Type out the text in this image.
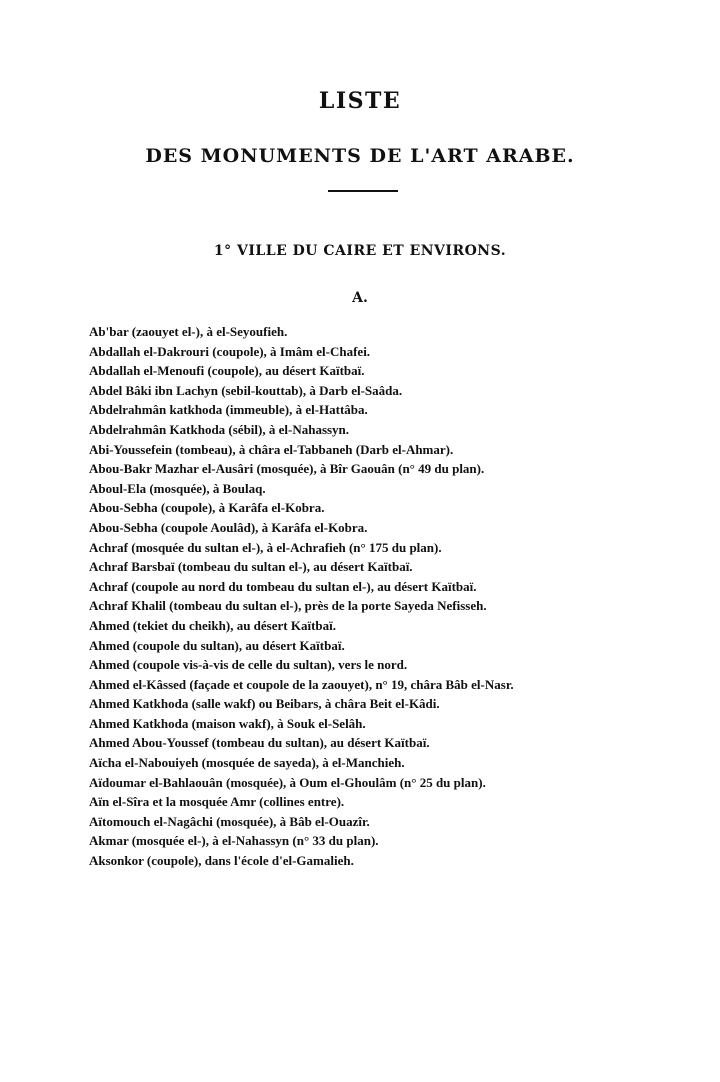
LISTE
DES MONUMENTS DE L'ART ARABE.
1° VILLE DU CAIRE ET ENVIRONS.
A.
Ab'bar (zaouyet el-), à el-Seyoufieh.
Abdallah el-Dakrouri (coupole), à Imâm el-Chafei.
Abdallah el-Menoufi (coupole), au désert Kaïtbaï.
Abdel Bâki ibn Lachyn (sebil-kouttab), à Darb el-Saâda.
Abdelrahmân katkhoda (immeuble), à el-Hattâba.
Abdelrahmân Katkhoda (sébil), à el-Nahassyn.
Abi-Youssefein (tombeau), à châra el-Tabbaneh (Darb el-Ahmar).
Abou-Bakr Mazhar el-Ausâri (mosquée), à Bîr Gaouân (n° 49 du plan).
Aboul-Ela (mosquée), à Boulaq.
Abou-Sebha (coupole), à Karâfa el-Kobra.
Abou-Sebha (coupole Aoulâd), à Karâfa el-Kobra.
Achraf (mosquée du sultan el-), à el-Achrafieh (n° 175 du plan).
Achraf Barsbaï (tombeau du sultan el-), au désert Kaïtbaï.
Achraf (coupole au nord du tombeau du sultan el-), au désert Kaïtbaï.
Achraf Khalil (tombeau du sultan el-), près de la porte Sayeda Nefisseh.
Ahmed (tekiet du cheikh), au désert Kaïtbaï.
Ahmed (coupole du sultan), au désert Kaïtbaï.
Ahmed (coupole vis-à-vis de celle du sultan), vers le nord.
Ahmed el-Kâssed (façade et coupole de la zaouyet), n° 19, châra Bâb el-Nasr.
Ahmed Katkhoda (salle wakf) ou Beibars, à châra Beit el-Kâdi.
Ahmed Katkhoda (maison wakf), à Souk el-Selâh.
Ahmed Abou-Youssef (tombeau du sultan), au désert Kaïtbaï.
Aïcha el-Nabouiyeh (mosquée de sayeda), à el-Manchieh.
Aïdoumar el-Bahlaouân (mosquée), à Oum el-Ghoulâm (n° 25 du plan).
Aïn el-Sîra et la mosquée Amr (collines entre).
Aïtomouch el-Nagâchi (mosquée), à Bâb el-Ouazîr.
Akmar (mosquée el-), à el-Nahassyn (n° 33 du plan).
Aksonkor (coupole), dans l'école d'el-Gamalieh.
